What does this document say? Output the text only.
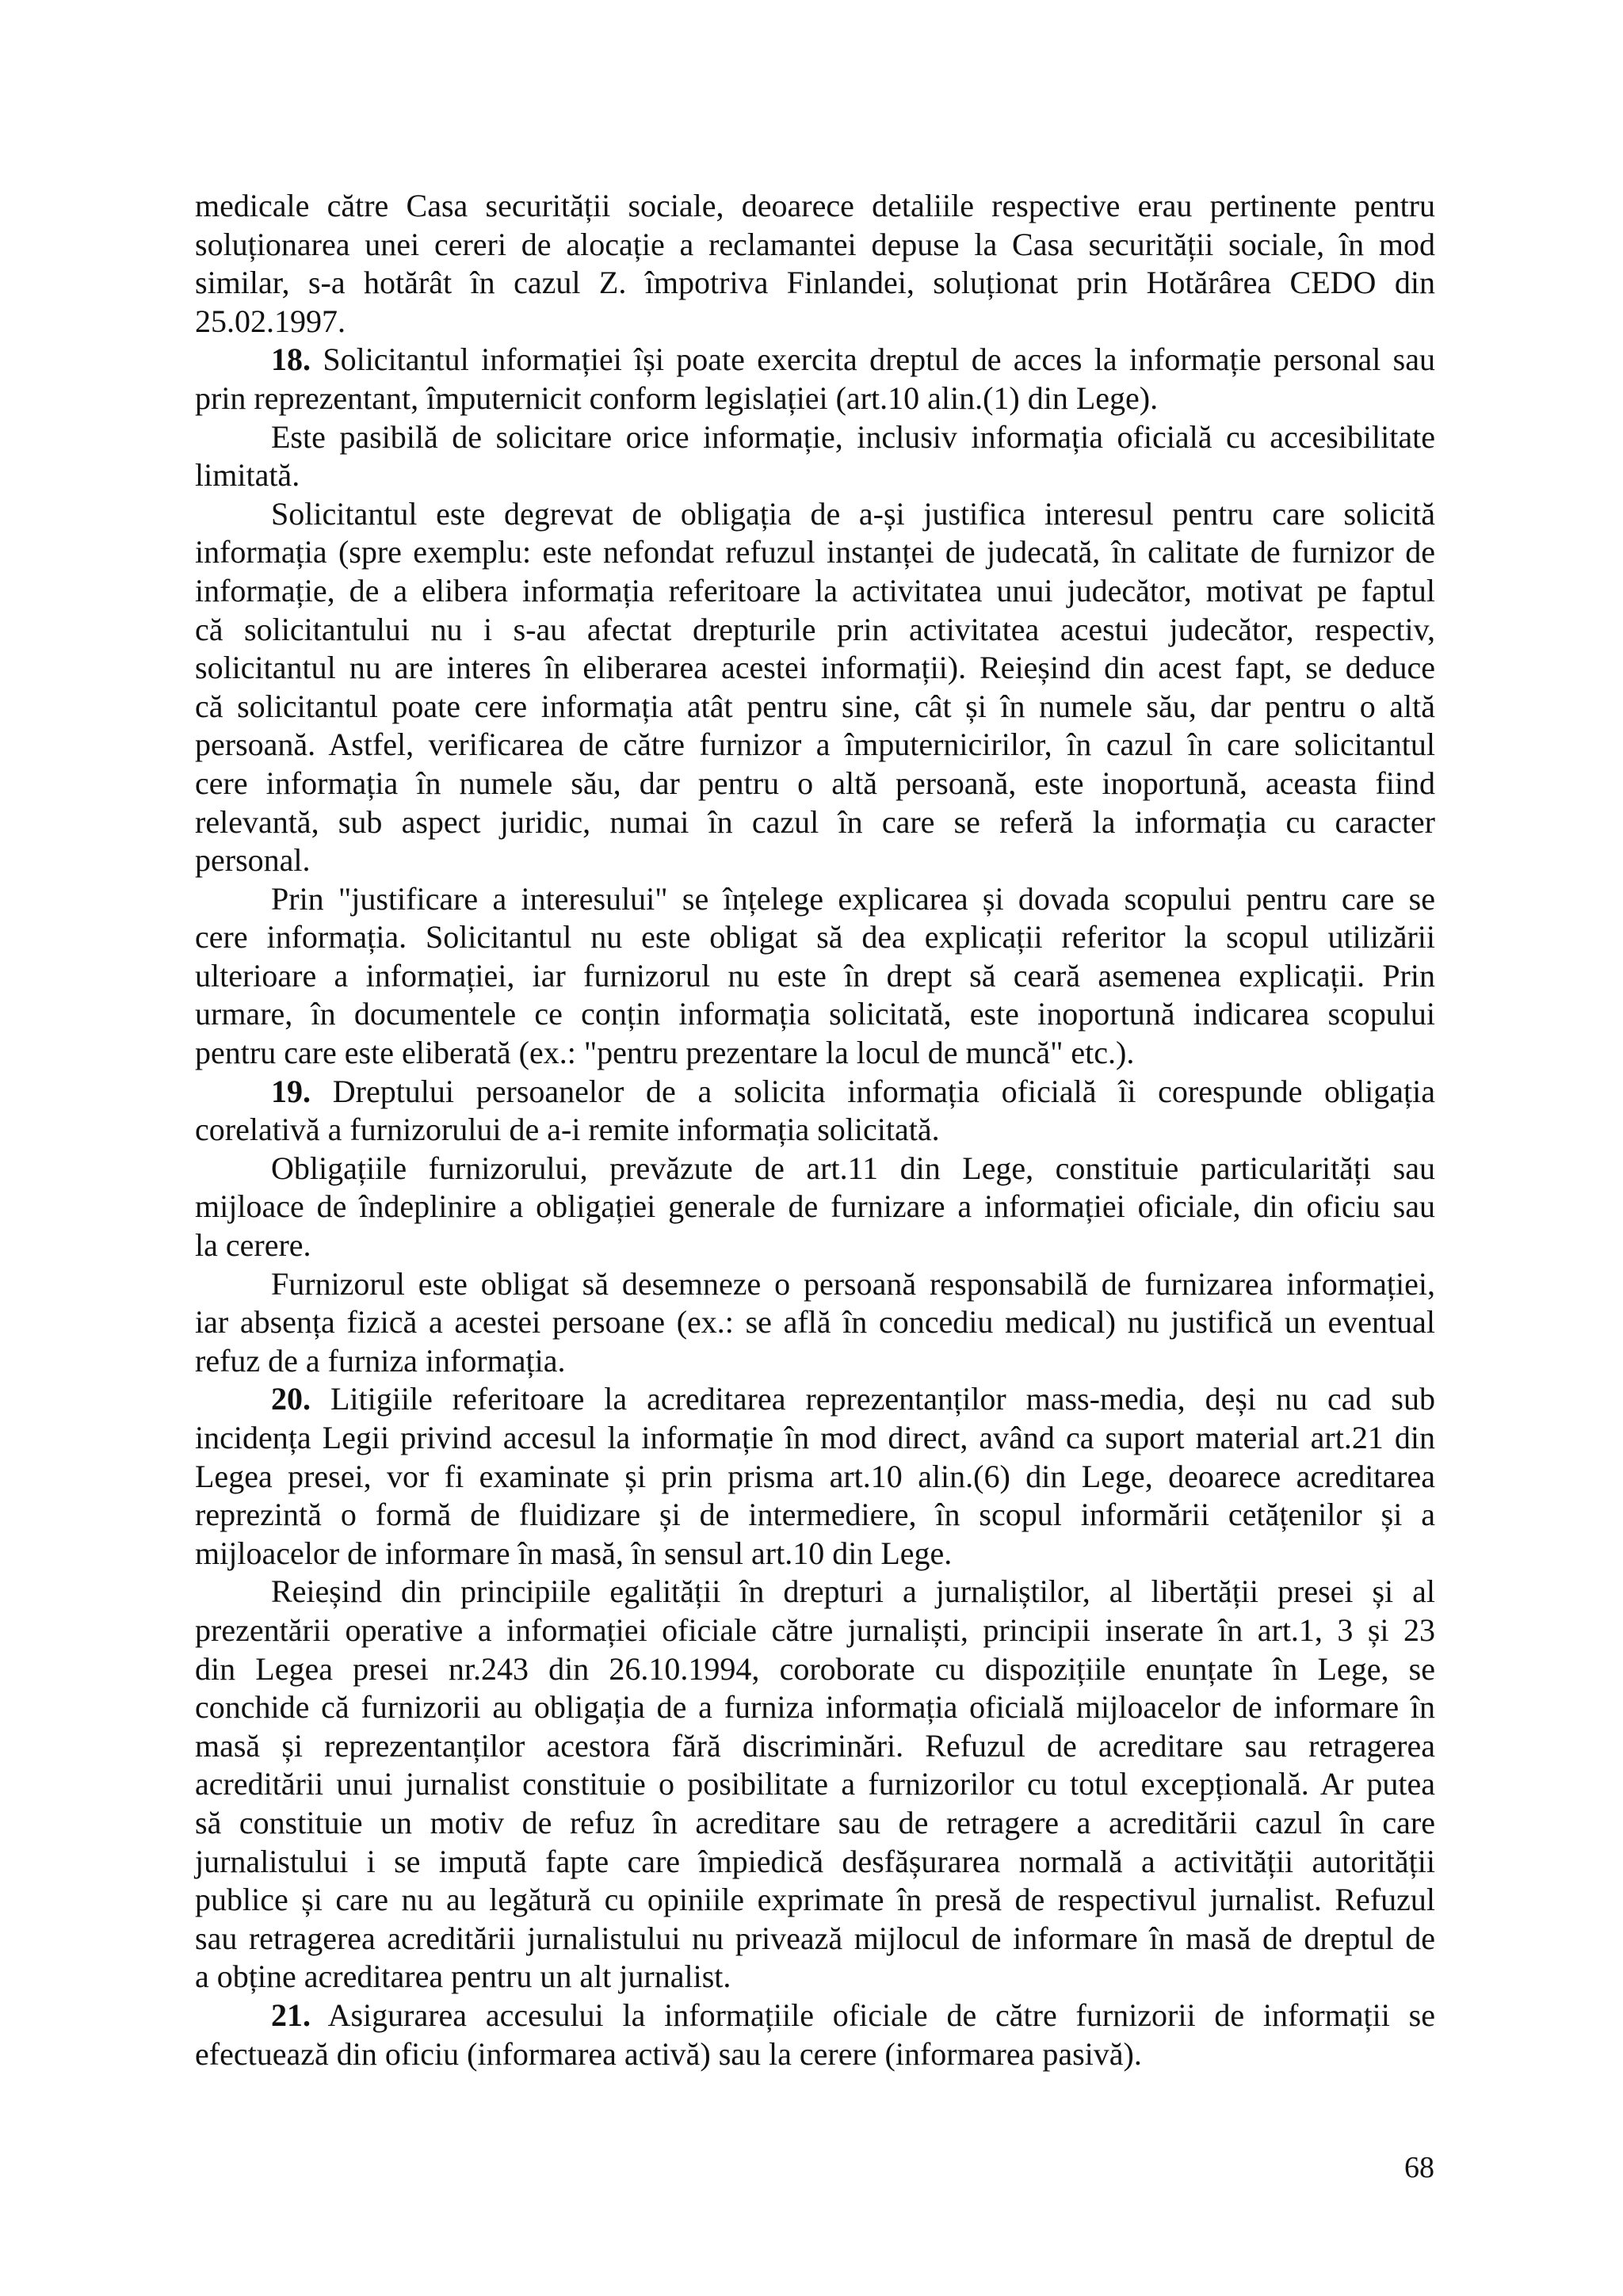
medicale către Casa securității sociale, deoarece detaliile respective erau pertinente pentru
soluționarea unei cereri de alocație a reclamantei depuse la Casa securității sociale, în mod
similar, s-a hotărât în cazul Z. împotriva Finlandei, soluționat prin Hotărârea CEDO din
25.02.1997.
18. Solicitantul informației își poate exercita dreptul de acces la informație personal sau
prin reprezentant, împuternicit conform legislației (art.10 alin.(1) din Lege).
Este pasibilă de solicitare orice informație, inclusiv informația oficială cu accesibilitate
limitată.
Solicitantul este degrevat de obligația de a-și justifica interesul pentru care solicită
informația (spre exemplu: este nefondat refuzul instanței de judecată, în calitate de furnizor de
informație, de a elibera informația referitoare la activitatea unui judecător, motivat pe faptul
că solicitantului nu i s-au afectat drepturile prin activitatea acestui judecător, respectiv,
solicitantul nu are interes în eliberarea acestei informații). Reieșind din acest fapt, se deduce
că solicitantul poate cere informația atât pentru sine, cât și în numele său, dar pentru o altă
persoană. Astfel, verificarea de către furnizor a împuternicirilor, în cazul în care solicitantul
cere informația în numele său, dar pentru o altă persoană, este inoportună, aceasta fiind
relevantă, sub aspect juridic, numai în cazul în care se referă la informația cu caracter
personal.
Prin "justificare a interesului" se înțelege explicarea și dovada scopului pentru care se
cere informația. Solicitantul nu este obligat să dea explicații referitor la scopul utilizării
ulterioare a informației, iar furnizorul nu este în drept să ceară asemenea explicații. Prin
urmare, în documentele ce conțin informația solicitată, este inoportună indicarea scopului
pentru care este eliberată (ex.: "pentru prezentare la locul de muncă" etc.).
19. Dreptului persoanelor de a solicita informația oficială îi corespunde obligația
corelativă a furnizorului de a-i remite informația solicitată.
Obligațiile furnizorului, prevăzute de art.11 din Lege, constituie particularități sau
mijloace de îndeplinire a obligației generale de furnizare a informației oficiale, din oficiu sau
la cerere.
Furnizorul este obligat să desemneze o persoană responsabilă de furnizarea informației,
iar absența fizică a acestei persoane (ex.: se află în concediu medical) nu justifică un eventual
refuz de a furniza informația.
20. Litigiile referitoare la acreditarea reprezentanților mass-media, deși nu cad sub
incidența Legii privind accesul la informație în mod direct, având ca suport material art.21 din
Legea presei, vor fi examinate și prin prisma art.10 alin.(6) din Lege, deoarece acreditarea
reprezintă o formă de fluidizare și de intermediere, în scopul informării cetățenilor și a
mijloacelor de informare în masă, în sensul art.10 din Lege.
Reieșind din principiile egalității în drepturi a jurnaliștilor, al libertății presei și al
prezentării operative a informației oficiale către jurnaliști, principii inserate în art.1, 3 și 23
din Legea presei nr.243 din 26.10.1994, coroborate cu dispozițiile enunțate în Lege, se
conchide că furnizorii au obligația de a furniza informația oficială mijloacelor de informare în
masă și reprezentanților acestora fără discriminări. Refuzul de acreditare sau retragerea
acreditării unui jurnalist constituie o posibilitate a furnizorilor cu totul excepțională. Ar putea
să constituie un motiv de refuz în acreditare sau de retragere a acreditării cazul în care
jurnalistului i se impută fapte care împiedică desfășurarea normală a activității autorității
publice și care nu au legătură cu opiniile exprimate în presă de respectivul jurnalist. Refuzul
sau retragerea acreditării jurnalistului nu privează mijlocul de informare în masă de dreptul de
a obține acreditarea pentru un alt jurnalist.
21. Asigurarea accesului la informațiile oficiale de către furnizorii de informații se
efectuează din oficiu (informarea activă) sau la cerere (informarea pasivă).
68
